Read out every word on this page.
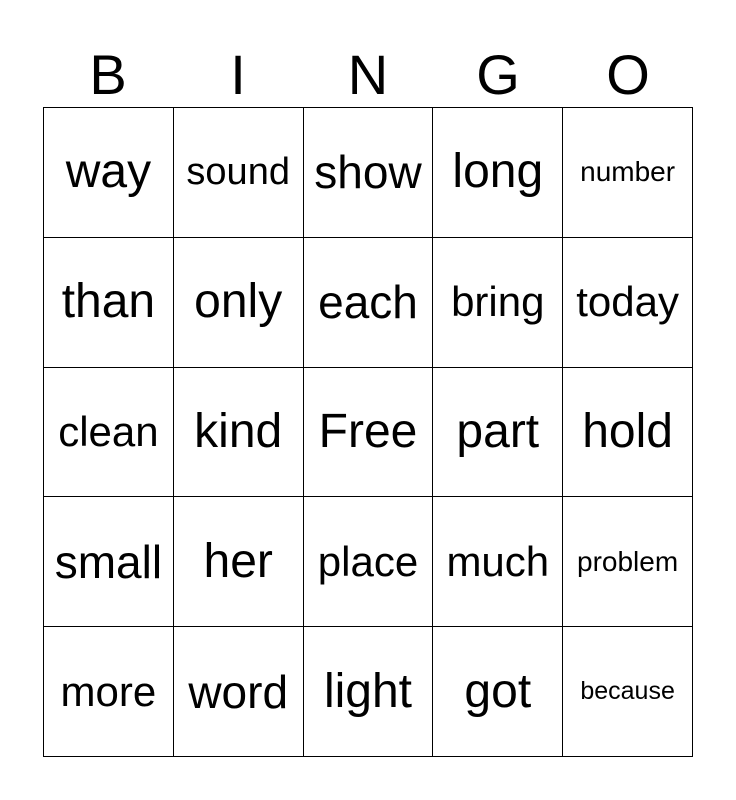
B	I	N	G	O
way sound show long	number
than only each bring today
clean kind Free part hold
small her	place much problem
more word light	got	because
